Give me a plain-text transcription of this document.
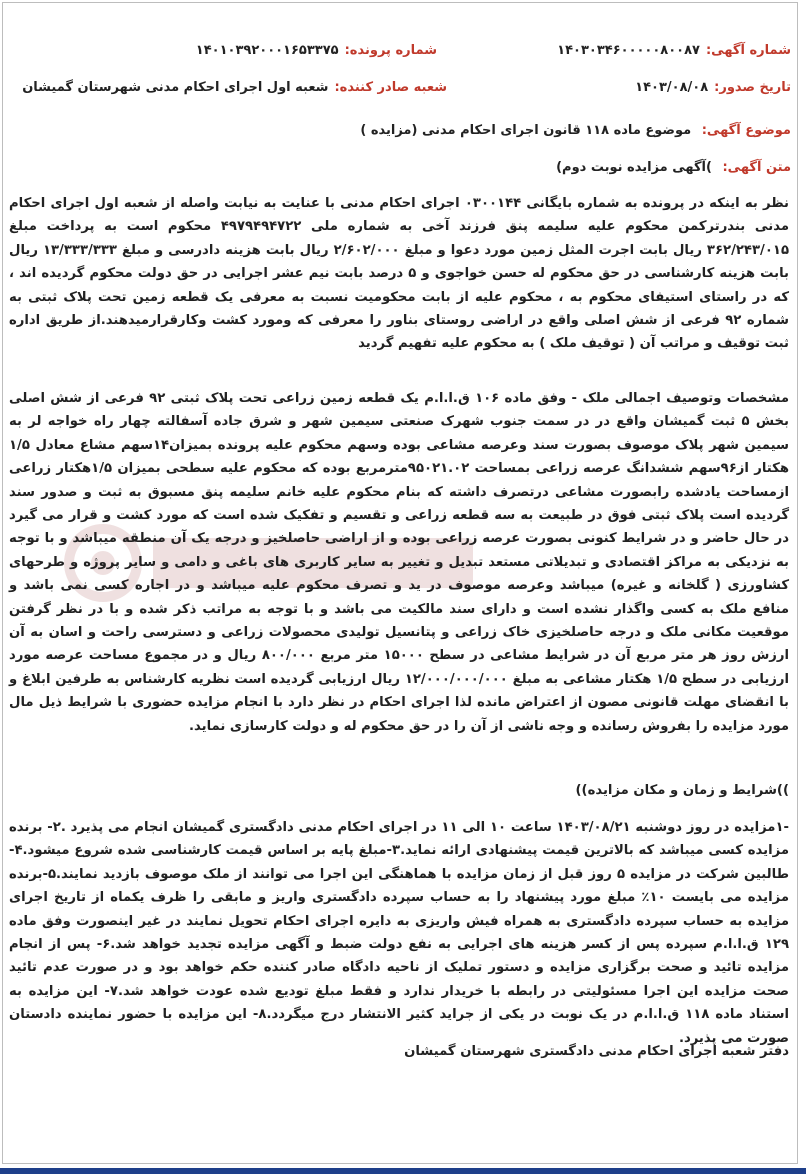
شماره آگهی:
۱۴۰۳۰۳۴۶۰۰۰۰۰۸۰۰۸۷
شماره پرونده:
۱۴۰۱۰۳۹۲۰۰۰۱۶۵۳۳۷۵
تاریخ صدور:
۱۴۰۳/۰۸/۰۸
شعبه صادر کننده:
شعبه اول اجرای احکام مدنی شهرستان گمیشان
موضوع آگهی: موضوع ماده ۱۱۸ قانون اجرای احکام مدنی (مزایده )
متن آگهی: )آگهی مزایده نوبت دوم)

نظر به اینکه در پرونده به شماره بایگانی ۰۳۰۰۱۴۴ اجرای احکام مدنی با عنایت به نیابت واصله از شعبه اول اجرای احکام مدنی بندرترکمن محکوم علیه سلیمه پنق فرزند آخی به شماره ملی ۴۹۷۹۴۹۴۷۲۲ محکوم است به پرداخت مبلغ ۳۶۲/۲۴۳/۰۱۵ ریال بابت اجرت المثل زمین مورد دعوا و مبلغ ۲/۶۰۲/۰۰۰ ریال بابت هزینه دادرسی و مبلغ ۱۳/۳۳۳/۳۳۳ ریال بابت هزینه کارشناسی در حق محکوم له حسن خواجوی و ۵ درصد بابت نیم عشر اجرایی در حق دولت محکوم گردیده اند ، که در راستای استیفای محکوم به ، محکوم علیه از بابت محکومیت نسبت به معرفی یک قطعه زمین تحت پلاک ثبتی به شماره ۹۲ فرعی از شش اصلی واقع در اراضی روستای بناور را معرفی که ومورد کشت وکارقرارمیدهند.از طریق اداره ثبت توقیف و مراتب آن ( توقیف ملک ) به محکوم علیه تفهیم گردید

مشخصات وتوصیف اجمالی ملک - وفق ماده ۱۰۶ ق.ا.ا.م یک قطعه زمین زراعی تحت پلاک ثبتی ۹۲ فرعی از شش اصلی بخش ۵ ثبت گمیشان واقع در در سمت جنوب شهرک صنعتی سیمین شهر و شرق جاده آسفالته چهار راه خواجه لر به سیمین شهر پلاک موصوف بصورت سند وعرصه مشاعی بوده وسهم محکوم علیه پرونده بمیزان۱۴سهم مشاع معادل ۱/۵ هکتار از۹۶سهم ششدانگ عرصه زراعی بمساحت ۹۵۰۲۱.۰۲مترمربع بوده که محکوم علیه سطحی بمیزان ۱/۵هکتار زراعی ازمساحت یادشده رابصورت مشاعی درتصرف داشته که بنام محکوم علیه خانم سلیمه پنق مسبوق به ثبت و صدور سند گردیده است پلاک ثبتی فوق در طبیعت به سه قطعه زراعی و تقسیم و تفکیک شده است که مورد کشت و قرار می گیرد در حال حاضر و در شرایط کنونی بصورت عرصه زراعی بوده و از اراضی حاصلخیز و درجه یک آن منطقه میباشد و با توجه به نزدیکی به مراکز اقتصادی و تبدیلاتی مستعد تبدیل و تغییر به سایر کاربری های باغی و دامی و سایر پروژه و طرحهای کشاورزی ( گلخانه و غیره) میباشد وعرصه موصوف در ید و تصرف محکوم علیه میباشد و در اجاره کسی نمی باشد و منافع ملک به کسی واگذار نشده است و دارای سند مالکیت می باشد و با توجه به مراتب ذکر شده و با در نظر گرفتن موقعیت مکانی ملک و درجه حاصلخیزی خاک زراعی و پتانسیل تولیدی محصولات زراعی و دسترسی راحت و اسان به آن ارزش روز هر متر مربع آن در شرایط مشاعی در سطح ۱۵۰۰۰ متر مربع ۸۰۰/۰۰۰ ریال و در مجموع مساحت عرصه مورد ارزیابی در سطح ۱/۵ هکتار مشاعی به مبلغ ۱۲/۰۰۰/۰۰۰/۰۰۰ ریال ارزیابی گردیده است نظریه کارشناس به طرفین ابلاغ و با انقضای مهلت قانونی مصون از اعتراض مانده لذا اجرای احکام در نظر دارد با انجام مزایده حضوری با شرایط ذیل مال مورد مزایده را بفروش رسانده و وجه ناشی از آن را در حق محکوم له و دولت کارسازی نماید.

))شرایط و زمان و مکان مزایده))

-۱مزایده در روز دوشنبه ۱۴۰۳/۰۸/۲۱ ساعت ۱۰ الی ۱۱ در اجرای احکام مدنی دادگستری گمیشان انجام می پذیرد .۲- برنده مزایده کسی میباشد که بالاترین قیمت پیشنهادی ارائه نماید.۳-مبلغ پایه بر اساس قیمت کارشناسی شده شروع میشود.۴- طالبین شرکت در مزایده ۵ روز قبل از زمان مزایده با هماهنگی این اجرا می توانند از ملک موصوف بازدید نمایند.۵-برنده مزایده می بایست ۱۰٪ مبلغ مورد پیشنهاد را به حساب سپرده دادگستری واریز و مابقی را ظرف یکماه از تاریخ اجرای مزایده به حساب سپرده دادگستری به همراه فیش واریزی به دایره اجرای احکام تحویل نمایند در غیر اینصورت وفق ماده ۱۲۹ ق.ا.ا.م سپرده پس از کسر هزینه های اجرایی به نفع دولت ضبط و آگهی مزایده تجدید خواهد شد.۶- پس از انجام مزایده تائید و صحت برگزاری مزایده و دستور تملیک از ناحیه دادگاه صادر کننده حکم خواهد بود و در صورت عدم تائید صحت مزایده این اجرا مسئولیتی در رابطه با خریدار ندارد و فقط مبلغ تودیع شده عودت خواهد شد.۷- این مزایده به استناد ماده ۱۱۸ ق.ا.ا.م در یک نوبت در یکی از جراید کثیر الانتشار درج میگردد.۸- این مزایده با حضور نماینده دادستان صورت می پذیرد.

دفتر شعبه اجرای احکام مدنی دادگستری شهرستان گمیشان
